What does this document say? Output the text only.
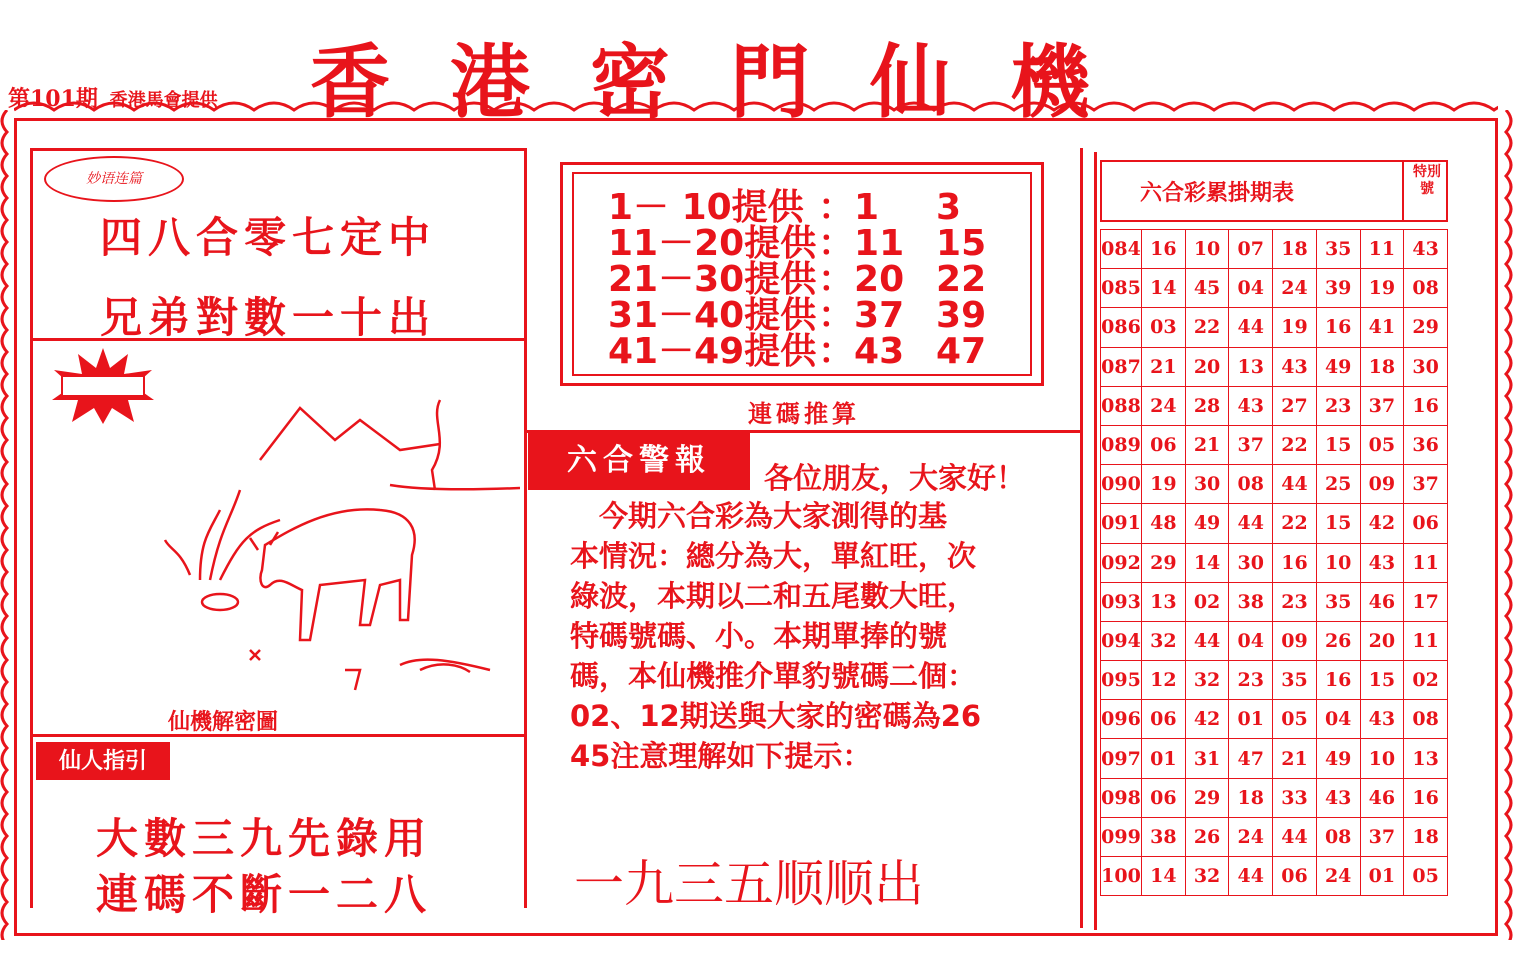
香港密門仙機
第101期 香港馬會提供
妙语连篇
四八合零七定中
兄弟對數一十出
仙機解密圖
仙人指引
大數三九先錄用
連碼不斷一二八
1－ 10提供 ：1 3
11－20提供：11 15
21－30提供：20 22
31－40提供：37 39
41－49提供：43 47
連碼推算
六合警報	各位朋友，大家好！
　今期六合彩為大家測得的基
本情況：總分為大，單紅旺，次
綠波，本期以二和五尾數大旺，
特碼號碼、小。本期單捧的號
碼，本仙機推介單豹號碼二個：
02、12期送與大家的密碼為26
45注意理解如下提示：
一九三五顺顺出
六合彩累掛期表
特別號
084	16	10	07	18	35	11	43
085	14	45	04	24	39	19	08
086	03	22	44	19	16	41	29
087	21	20	13	43	49	18	30
088	24	28	43	27	23	37	16
089	06	21	37	22	15	05	36
090	19	30	08	44	25	09	37
091	48	49	44	22	15	42	06
092	29	14	30	16	10	43	11
093	13	02	38	23	35	46	17
094	32	44	04	09	26	20	11
095	12	32	23	35	16	15	02
096	06	42	01	05	04	43	08
097	01	31	47	21	49	10	13
098	06	29	18	33	43	46	16
099	38	26	24	44	08	37	18
100	14	32	44	06	24	01	05
